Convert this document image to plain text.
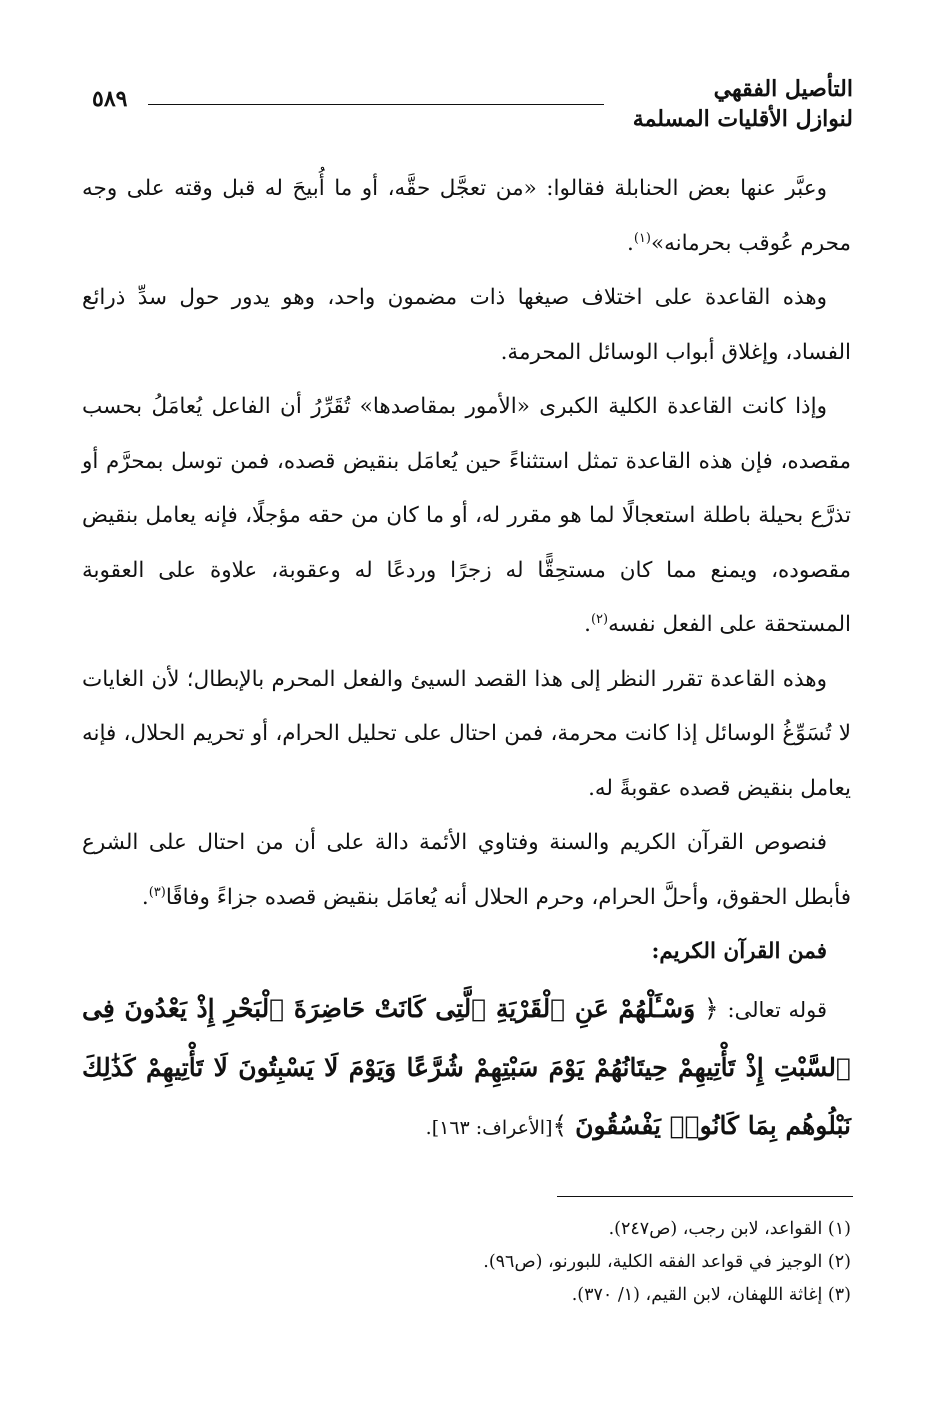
التأصيل الفقهي
لنوازل الأقليات المسلمة
٥٨٩

وعبَّر عنها بعض الحنابلة فقالوا: «من تعجَّل حقَّه، أو ما أُبيحَ له قبل وقته على وجه محرم عُوقب بحرمانه»$^{(١)}$.

وهذه القاعدة على اختلاف صيغها ذات مضمون واحد، وهو يدور حول سدِّ ذرائع الفساد، وإغلاق أبواب الوسائل المحرمة.

وإذا كانت القاعدة الكلية الكبرى «الأمور بمقاصدها» تُقَرِّرُ أن الفاعل يُعامَلُ بحسب مقصده، فإن هذه القاعدة تمثل استثناءً حين يُعامَل بنقيض قصده، فمن توسل بمحرَّم أو تذرَّع بحيلة باطلة استعجالًا لما هو مقرر له، أو ما كان من حقه مؤجلًا، فإنه يعامل بنقيض مقصوده، ويمنع مما كان مستحِقًّا له زجرًا وردعًا له وعقوبة، علاوة على العقوبة المستحقة على الفعل نفسه$^{(٢)}$.

وهذه القاعدة تقرر النظر إلى هذا القصد السيئ والفعل المحرم بالإبطال؛ لأن الغايات لا تُسَوِّغُ الوسائل إذا كانت محرمة، فمن احتال على تحليل الحرام، أو تحريم الحلال، فإنه يعامل بنقيض قصده عقوبةً له.

فنصوص القرآن الكريم والسنة وفتاوي الأئمة دالة على أن من احتال على الشرع فأبطل الحقوق، وأحلَّ الحرام، وحرم الحلال أنه يُعامَل بنقيض قصده جزاءً وفاقًا$^{(٣)}$.

فمن القرآن الكريم:

قوله تعالى: ﴿ وَسْـَٔلْهُمْ عَنِ ٱلْقَرْيَةِ ٱلَّتِى كَانَتْ حَاضِرَةَ ٱلْبَحْرِ إِذْ يَعْدُونَ فِى ٱلسَّبْتِ إِذْ تَأْتِيهِمْ حِيتَانُهُمْ يَوْمَ سَبْتِهِمْ شُرَّعًا وَيَوْمَ لَا يَسْبِتُونَ لَا تَأْتِيهِمْ كَذَٰلِكَ نَبْلُوهُم بِمَا كَانُوا۟ يَفْسُقُونَ ﴾[الأعراف: ١٦٣].

(١) القواعد، لابن رجب، (ص٢٤٧).
(٢) الوجيز في قواعد الفقه الكلية، للبورنو، (ص٩٦).
(٣) إغاثة اللهفان، لابن القيم، (١/ ٣٧٠).
